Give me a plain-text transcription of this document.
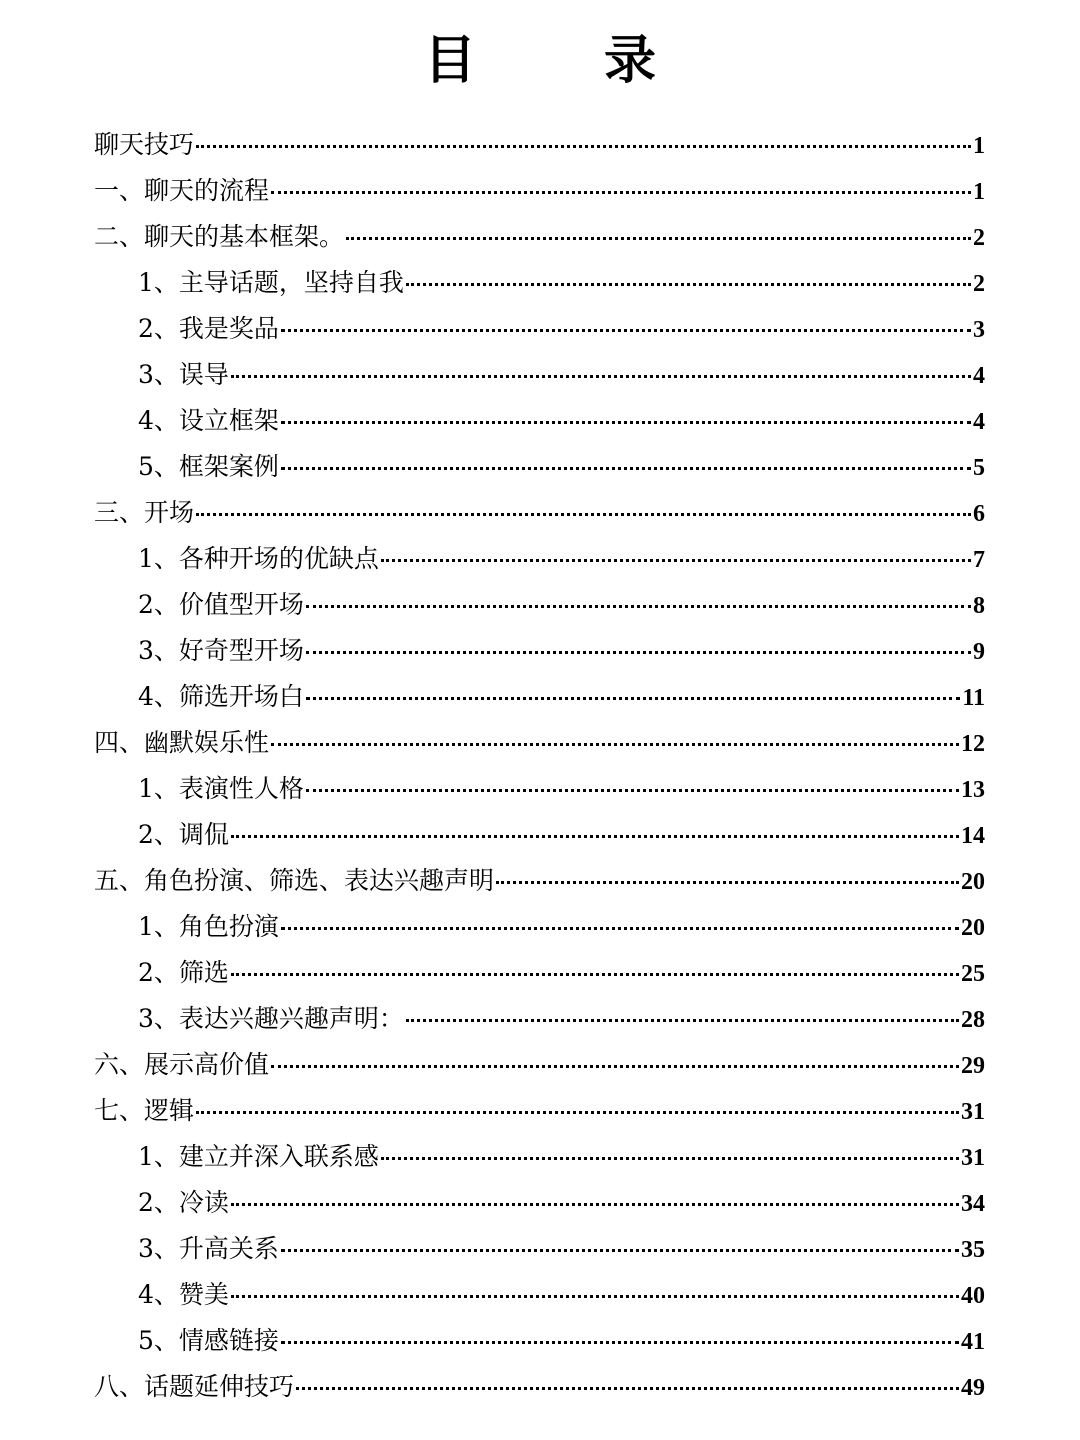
目　录
聊天技巧	1
一、聊天的流程	1
二、聊天的基本框架。	2
1、主导话题，坚持自我	2
2、我是奖品	3
3、误导	4
4、设立框架	4
5、框架案例	5
三、开场	6
1、各种开场的优缺点	7
2、价值型开场	8
3、好奇型开场	9
4、筛选开场白	11
四、幽默娱乐性	12
1、表演性人格	13
2、调侃	14
五、角色扮演、筛选、表达兴趣声明	20
1、角色扮演	20
2、筛选	25
3、表达兴趣兴趣声明：	28
六、展示高价值	29
七、逻辑	31
1、建立并深入联系感	31
2、冷读	34
3、升高关系	35
4、赞美	40
5、情感链接	41
八、话题延伸技巧	49
